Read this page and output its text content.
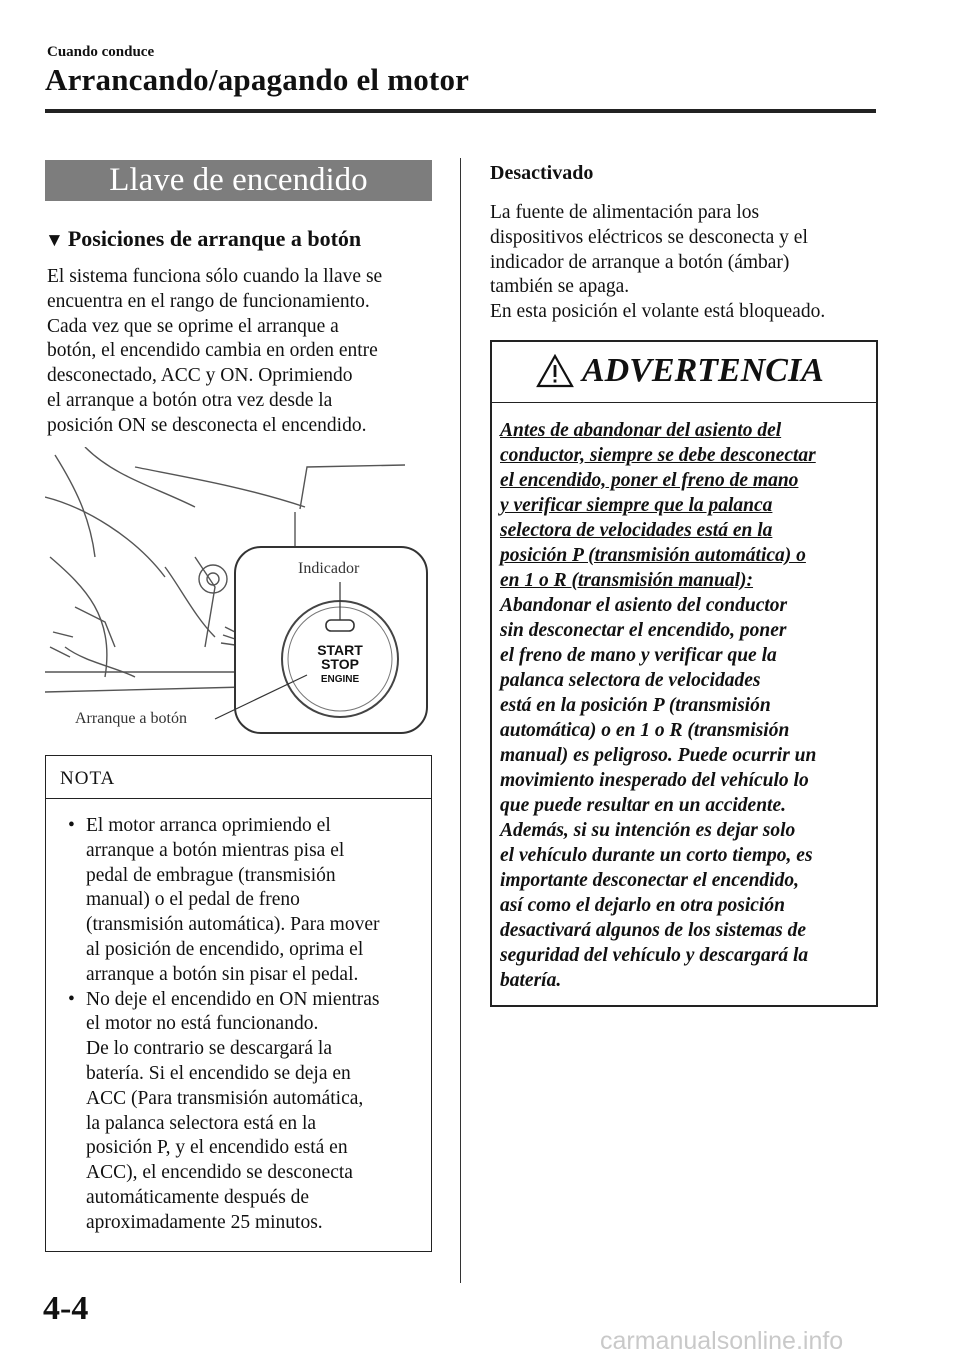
Cuando conduce
Arrancando/apagando el motor
Llave de encendido
▼ Posiciones de arranque a botón
El sistema funciona sólo cuando la llave se
encuentra en el rango de funcionamiento.
Cada vez que se oprime el arranque a
botón, el encendido cambia en orden entre
desconectado, ACC y ON. Oprimiendo
el arranque a botón otra vez desde la
posición ON se desconecta el encendido.
START
STOP
ENGINE
Indicador
Arranque a botón
NOTA
• El motor arranca oprimiendo el
arranque a botón mientras pisa el
pedal de embrague (transmisión
manual) o el pedal de freno
(transmisión automática). Para mover
al posición de encendido, oprima el
arranque a botón sin pisar el pedal.
• No deje el encendido en ON mientras
el motor no está funcionando.
De lo contrario se descargará la
batería. Si el encendido se deja en
ACC (Para transmisión automática,
la palanca selectora está en la
posición P, y el encendido está en
ACC), el encendido se desconecta
automáticamente después de
aproximadamente 25 minutos.
Desactivado
La fuente de alimentación para los
dispositivos eléctricos se desconecta y el
indicador de arranque a botón (ámbar)
también se apaga.
En esta posición el volante está bloqueado.
ADVERTENCIA
Antes de abandonar del asiento del
conductor, siempre se debe desconectar
el encendido, poner el freno de mano
y verificar siempre que la palanca
selectora de velocidades está en la
posición P (transmisión automática) o
en 1 o R (transmisión manual):
Abandonar el asiento del conductor
sin desconectar el encendido, poner
el freno de mano y verificar que la
palanca selectora de velocidades
está en la posición P (transmisión
automática) o en 1 o R (transmisión
manual) es peligroso. Puede ocurrir un
movimiento inesperado del vehículo lo
que puede resultar en un accidente.
Además, si su intención es dejar solo
el vehículo durante un corto tiempo, es
importante desconectar el encendido,
así como el dejarlo en otra posición
desactivará algunos de los sistemas de
seguridad del vehículo y descargará la
batería.
4-4
carmanualsonline.info
